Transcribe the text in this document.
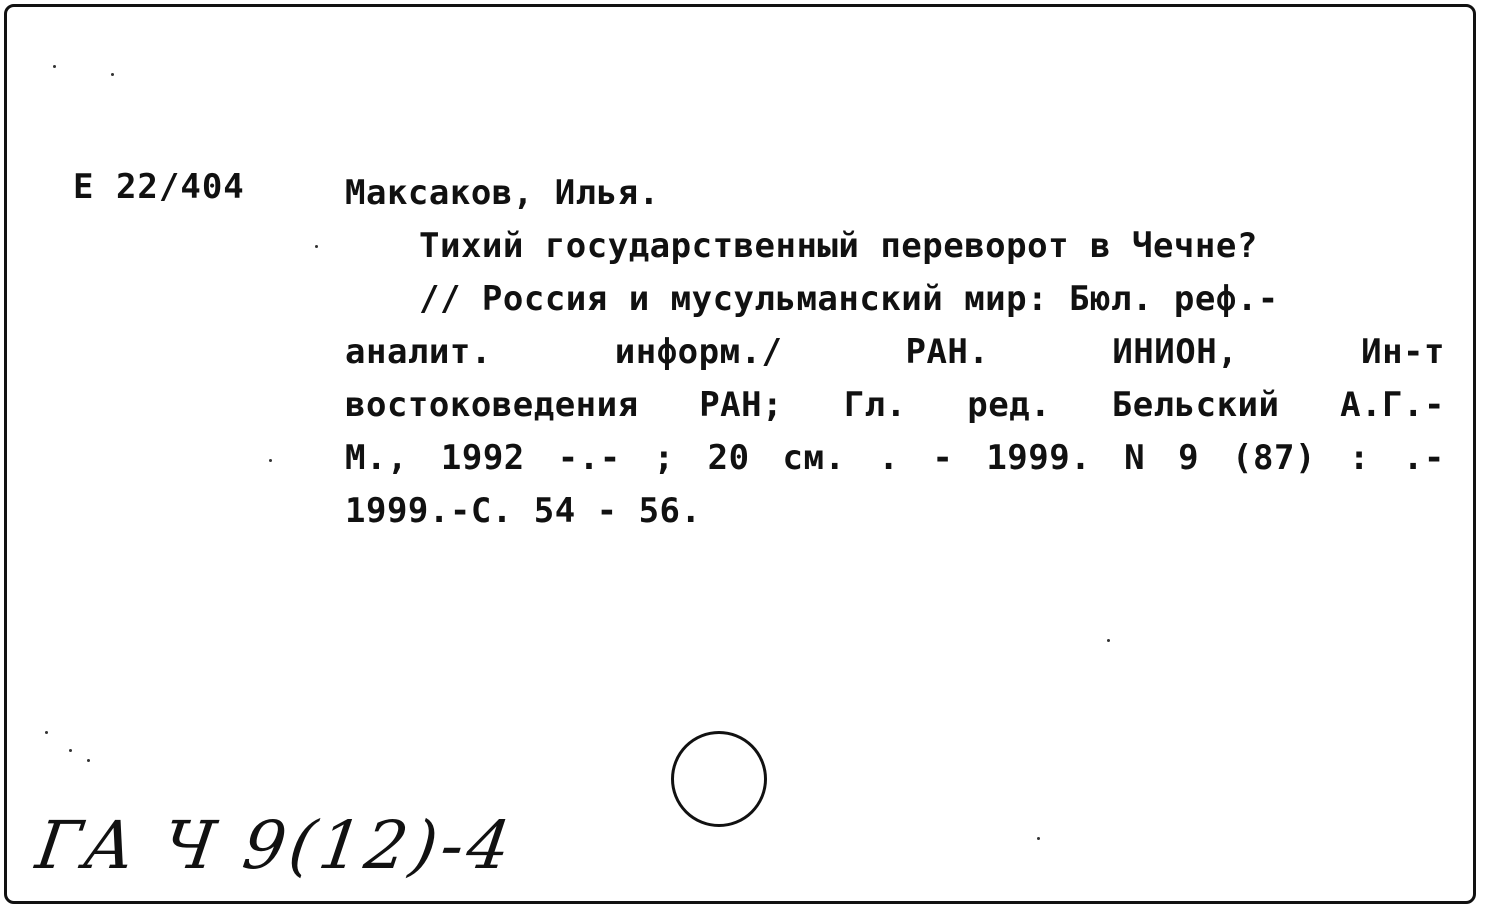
Е 22/404	Максаков, Илья.
Тихий государственный переворот в Чечне?
// Россия и мусульманский мир: Бюл. реф.-
аналит.	информ./	РАН.	ИНИОН,	Ин-т
востоковедения РАН; Гл. ред. Бельский А.Г.-
М., 1992 -.- ; 20 см. . - 1999. N 9 (87) : .-
1999.-С. 54 - 56.
ГА Ч 9(12)-4
